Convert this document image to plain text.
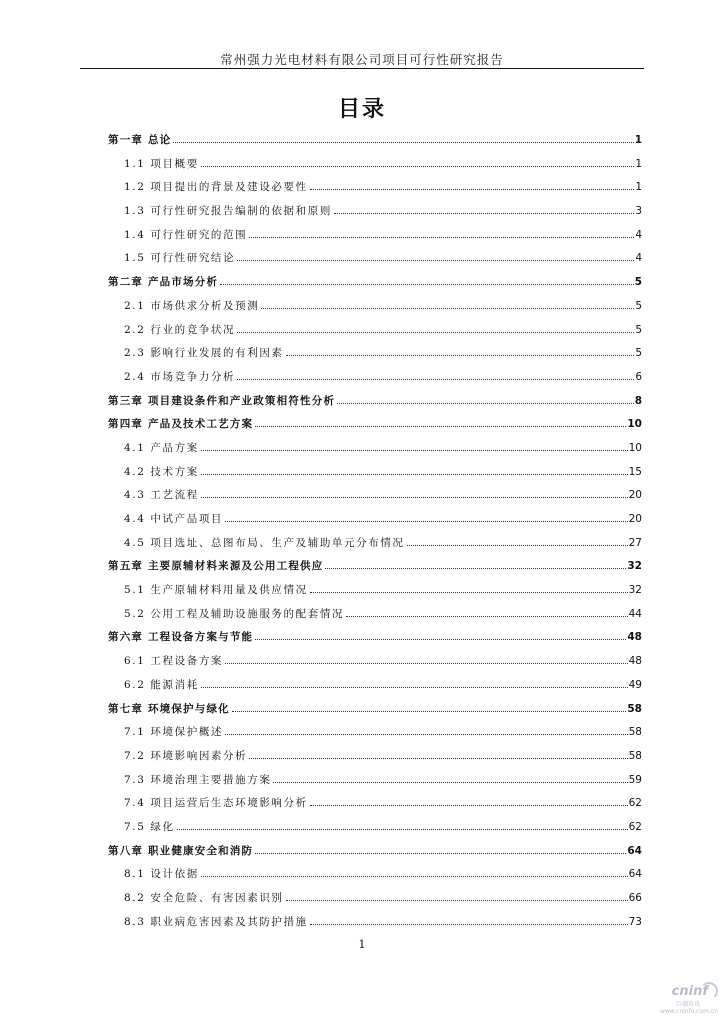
常州强力光电材料有限公司项目可行性研究报告
目录
第一章 总论	1
1.1 项目概要	1
1.2 项目提出的背景及建设必要性	1
1.3 可行性研究报告编制的依据和原则	3
1.4 可行性研究的范围	4
1.5 可行性研究结论	4
第二章 产品市场分析	5
2.1 市场供求分析及预测	5
2.2 行业的竞争状况	5
2.3 影响行业发展的有利因素	5
2.4 市场竞争力分析	6
第三章 项目建设条件和产业政策相符性分析	8
第四章 产品及技术工艺方案	10
4.1 产品方案	10
4.2 技术方案	15
4.3 工艺流程	20
4.4 中试产品项目	20
4.5 项目选址、总图布局、生产及辅助单元分布情况	27
第五章 主要原辅材料来源及公用工程供应	32
5.1 生产原辅材料用量及供应情况	32
5.2 公用工程及辅助设施服务的配套情况	44
第六章 工程设备方案与节能	48
6.1 工程设备方案	48
6.2 能源消耗	49
第七章 环境保护与绿化	58
7.1 环境保护概述	58
7.2 环境影响因素分析	58
7.3 环境治理主要措施方案	59
7.4 项目运营后生态环境影响分析	62
7.5 绿化	62
第八章 职业健康安全和消防	64
8.1 设计依据	64
8.2 安全危险、有害因素识别	66
8.3 职业病危害因素及其防护措施	73
1
cninf
巨潮资讯
www.cninfo.com.cn
